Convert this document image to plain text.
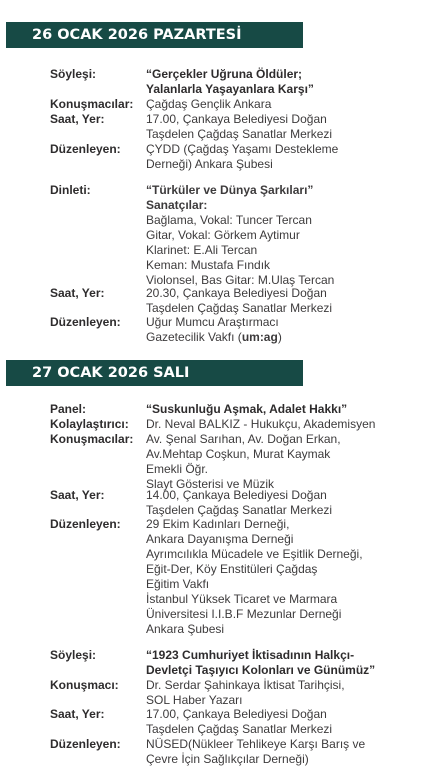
26 OCAK 2026 PAZARTESİ
Söyleşi:	“Gerçekler Uğruna Öldüler;
Yalanlarla Yaşayanlara Karşı”
Konuşmacılar: Çağdaş Gençlik Ankara
Saat, Yer:	17.00, Çankaya Belediyesi Doğan
Taşdelen Çağdaş Sanatlar Merkezi
Düzenleyen: ÇYDD (Çağdaş Yaşamı Destekleme
Derneği) Ankara Şubesi
Dinleti:	“Türküler ve Dünya Şarkıları”
Sanatçılar:
Bağlama, Vokal: Tuncer Tercan
Gitar, Vokal: Görkem Aytimur
Klarinet: E.Ali Tercan
Keman: Mustafa Fındık
Violonsel, Bas Gitar: M.Ulaş Tercan
Saat, Yer:	20.30, Çankaya Belediyesi Doğan
Taşdelen Çağdaş Sanatlar Merkezi
Düzenleyen: Uğur Mumcu Araştırmacı
Gazetecilik Vakfı (um:ag)
27 OCAK 2026 SALI
Panel:	“Suskunluğu Aşmak, Adalet Hakkı”
Kolaylaştırıcı: Dr. Neval BALKIZ - Hukukçu, Akademisyen
Konuşmacılar: Av. Şenal Sarıhan, Av. Doğan Erkan,
Av.Mehtap Coşkun, Murat Kaymak
Emekli Öğr.
Slayt Gösterisi ve Müzik
Saat, Yer:	14.00, Çankaya Belediyesi Doğan
Taşdelen Çağdaş Sanatlar Merkezi
Düzenleyen: 29 Ekim Kadınları Derneği,
Ankara Dayanışma Derneği
Ayrımcılıkla Mücadele ve Eşitlik Derneği,
Eğit-Der, Köy Enstitüleri Çağdaş
Eğitim Vakfı
İstanbul Yüksek Ticaret ve Marmara
Üniversitesi I.I.B.F Mezunlar Derneği
Ankara Şubesi
Söyleşi:	“1923 Cumhuriyet İktisadının Halkçı-
Devletçi Taşıyıcı Kolonları ve Günümüz”
Konuşmacı: Dr. Serdar Şahinkaya İktisat Tarihçisi,
SOL Haber Yazarı
Saat, Yer:	17.00, Çankaya Belediyesi Doğan
Taşdelen Çağdaş Sanatlar Merkezi
Düzenleyen: NÜSED(Nükleer Tehlikeye Karşı Barış ve
Çevre İçin Sağlıkçılar Derneği)
